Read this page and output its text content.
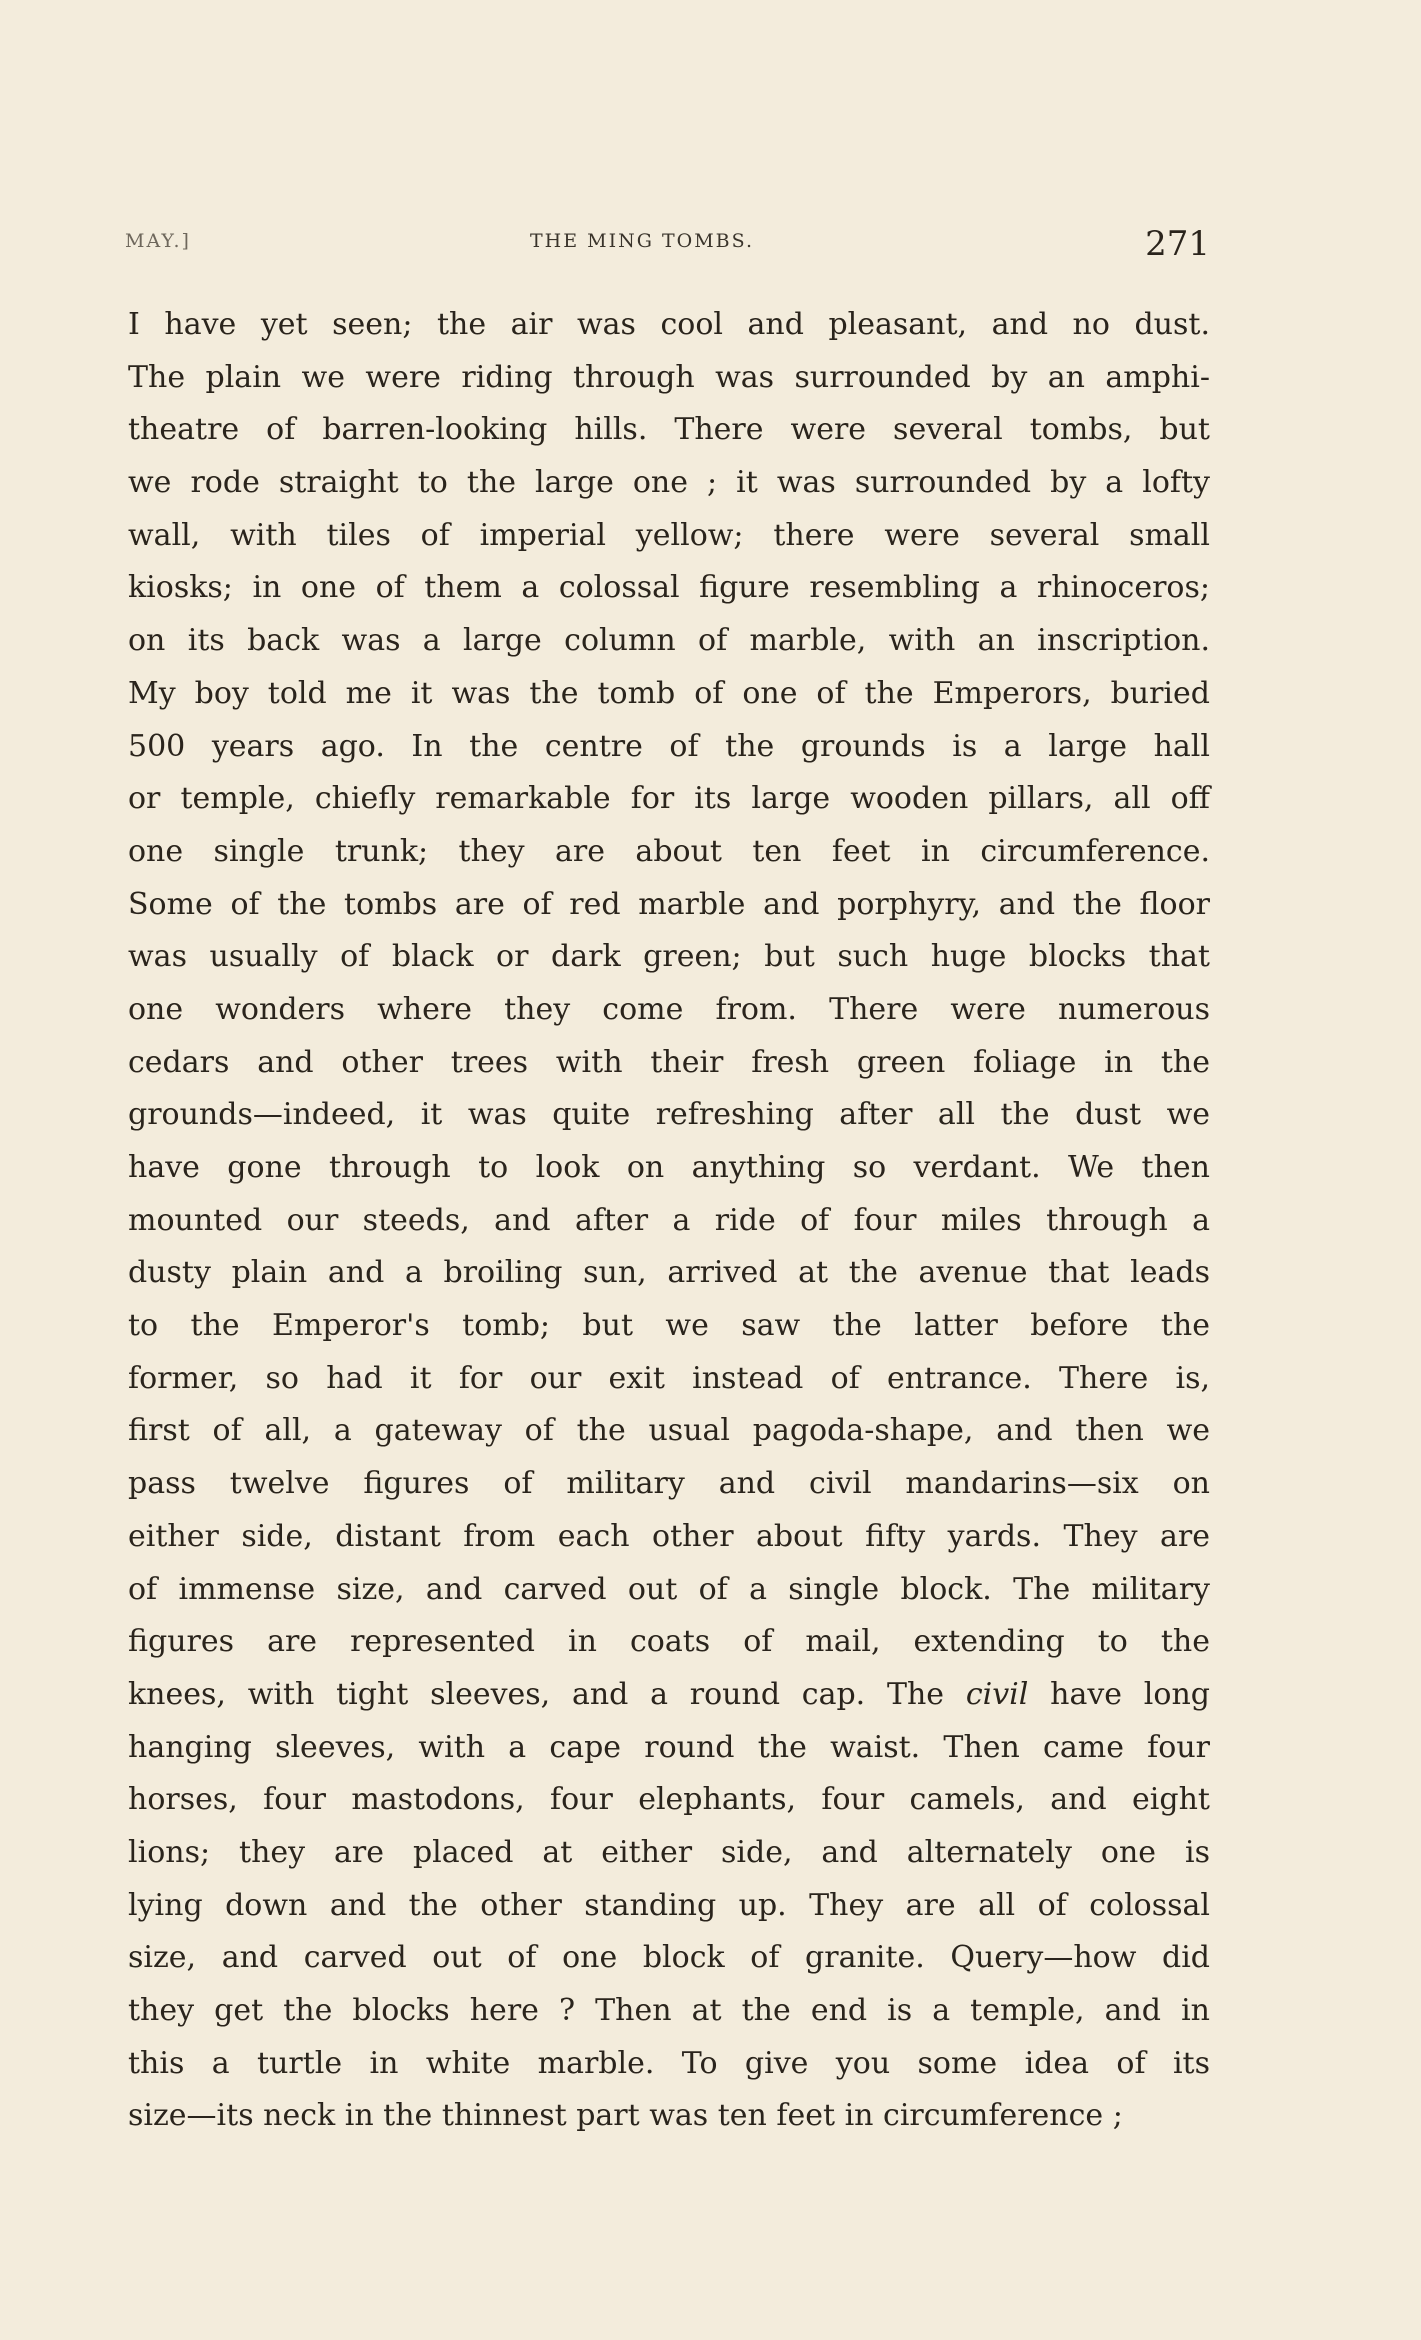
MAY.]	THE MING TOMBS.	271
I have yet seen; the air was cool and pleasant, and no dust.
The plain we were riding through was surrounded by an amphi-
theatre of barren-looking hills. There were several tombs, but
we rode straight to the large one ; it was surrounded by a lofty
wall, with tiles of imperial yellow; there were several small
kiosks; in one of them a colossal figure resembling a rhinoceros;
on its back was a large column of marble, with an inscription.
My boy told me it was the tomb of one of the Emperors, buried
500 years ago. In the centre of the grounds is a large hall
or temple, chiefly remarkable for its large wooden pillars, all off
one single trunk; they are about ten feet in circumference.
Some of the tombs are of red marble and porphyry, and the floor
was usually of black or dark green; but such huge blocks that
one wonders where they come from. There were numerous
cedars and other trees with their fresh green foliage in the
grounds—indeed, it was quite refreshing after all the dust we
have gone through to look on anything so verdant. We then
mounted our steeds, and after a ride of four miles through a
dusty plain and a broiling sun, arrived at the avenue that leads
to the Emperor's tomb; but we saw the latter before the
former, so had it for our exit instead of entrance. There is,
first of all, a gateway of the usual pagoda-shape, and then we
pass twelve figures of military and civil mandarins—six on
either side, distant from each other about fifty yards. They are
of immense size, and carved out of a single block. The military
figures are represented in coats of mail, extending to the
knees, with tight sleeves, and a round cap. The civil have long
hanging sleeves, with a cape round the waist. Then came four
horses, four mastodons, four elephants, four camels, and eight
lions; they are placed at either side, and alternately one is
lying down and the other standing up. They are all of colossal
size, and carved out of one block of granite. Query—how did
they get the blocks here ? Then at the end is a temple, and in
this a turtle in white marble. To give you some idea of its
size—its neck in the thinnest part was ten feet in circumference ;
